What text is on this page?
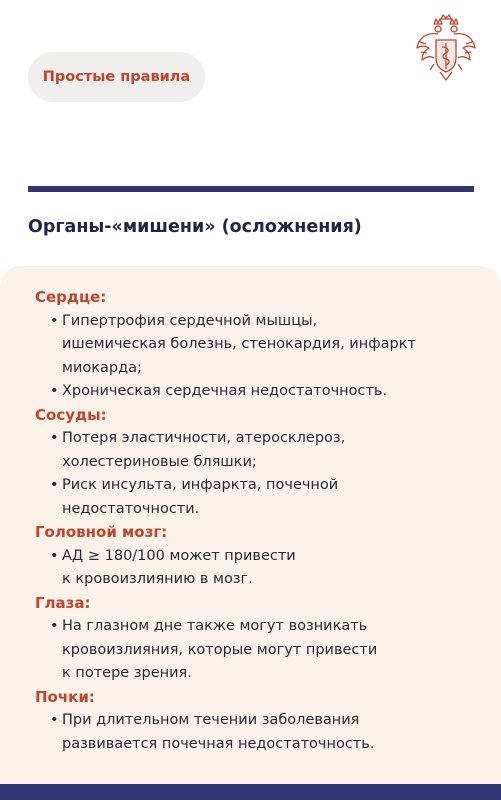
Простые правила
Органы-«мишени» (осложнения)
Сердце:
• Гипертрофия сердечной мышцы,
ишемическая болезнь, стенокардия, инфаркт
миокарда;
• Хроническая сердечная недостаточность.
Сосуды:
• Потеря эластичности, атеросклероз,
холестериновые бляшки;
• Риск инсульта, инфаркта, почечной
недостаточности.
Головной мозг:
• АД ≥ 180/100 может привести
к кровоизлиянию в мозг.
Глаза:
• На глазном дне также могут возникать
кровоизлияния, которые могут привести
к потере зрения.
Почки:
• При длительном течении заболевания
развивается почечная недостаточность.
